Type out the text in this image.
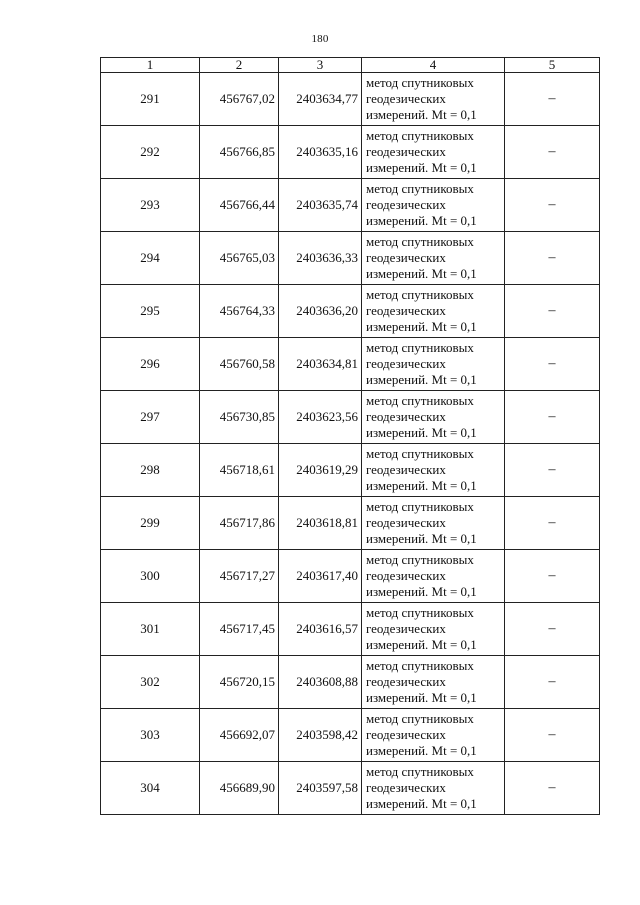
180
1	2	3	4	5
291	456767,02	2403634,77	метод спутниковых
геодезических
измерений. Mt = 0,1	–
292	456766,85	2403635,16	метод спутниковых
геодезических
измерений. Mt = 0,1	–
293	456766,44	2403635,74	метод спутниковых
геодезических
измерений. Mt = 0,1	–
294	456765,03	2403636,33	метод спутниковых
геодезических
измерений. Mt = 0,1	–
295	456764,33	2403636,20	метод спутниковых
геодезических
измерений. Mt = 0,1	–
296	456760,58	2403634,81	метод спутниковых
геодезических
измерений. Mt = 0,1	–
297	456730,85	2403623,56	метод спутниковых
геодезических
измерений. Mt = 0,1	–
298	456718,61	2403619,29	метод спутниковых
геодезических
измерений. Mt = 0,1	–
299	456717,86	2403618,81	метод спутниковых
геодезических
измерений. Mt = 0,1	–
300	456717,27	2403617,40	метод спутниковых
геодезических
измерений. Mt = 0,1	–
301	456717,45	2403616,57	метод спутниковых
геодезических
измерений. Mt = 0,1	–
302	456720,15	2403608,88	метод спутниковых
геодезических
измерений. Mt = 0,1	–
303	456692,07	2403598,42	метод спутниковых
геодезических
измерений. Mt = 0,1	–
304	456689,90	2403597,58	метод спутниковых
геодезических
измерений. Mt = 0,1	–
